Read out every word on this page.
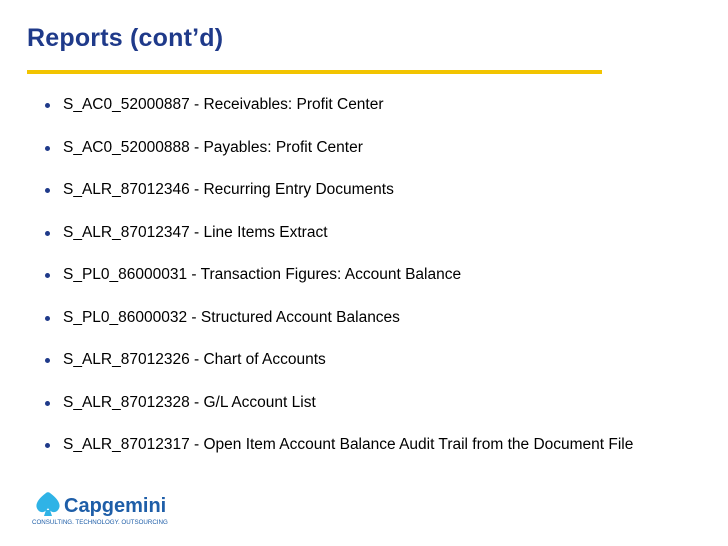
Reports (cont’d)
S_AC0_52000887 - Receivables: Profit Center
S_AC0_52000888 - Payables: Profit Center
S_ALR_87012346 - Recurring Entry Documents
S_ALR_87012347 - Line Items Extract
S_PL0_86000031 - Transaction Figures: Account Balance
S_PL0_86000032 - Structured Account Balances
S_ALR_87012326 - Chart of Accounts
S_ALR_87012328 - G/L Account List
S_ALR_87012317 - Open Item Account Balance Audit Trail from the Document File
Capgemini
CONSULTING. TECHNOLOGY. OUTSOURCING
